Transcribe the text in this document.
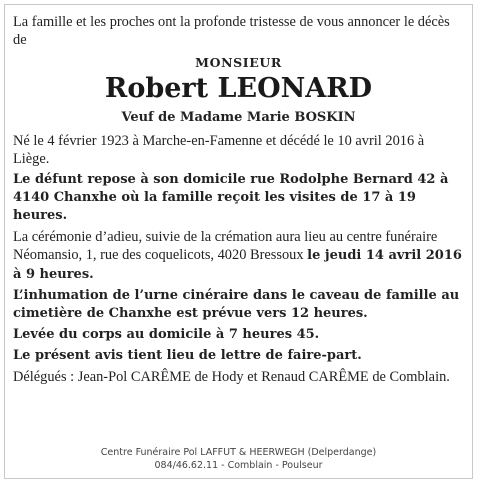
La famille et les proches ont la profonde tristesse de vous annoncer le décès de

MONSIEUR

Robert LEONARD

Veuf de Madame Marie BOSKIN

Né le 4 février 1923 à Marche-en-Famenne et décédé le 10 avril 2016 à Liège.

Le défunt repose à son domicile rue Rodolphe Bernard 42 à 4140 Chanxhe où la famille reçoit les visites de 17 à 19 heures.

La cérémonie d’adieu, suivie de la crémation aura lieu au centre funéraire Néomansio, 1, rue des coquelicots, 4020 Bressoux le jeudi 14 avril 2016 à 9 heures.

L’inhumation de l’urne cinéraire dans le caveau de famille au cimetière de Chanxhe est prévue vers 12 heures.

Levée du corps au domicile à 7 heures 45.

Le présent avis tient lieu de lettre de faire-part.

Délégués : Jean-Pol CARÊME de Hody et Renaud CARÊME de Comblain.

Centre Funéraire Pol LAFFUT & HEERWEGH (Delperdange)
084/46.62.11 - Comblain - Poulseur
